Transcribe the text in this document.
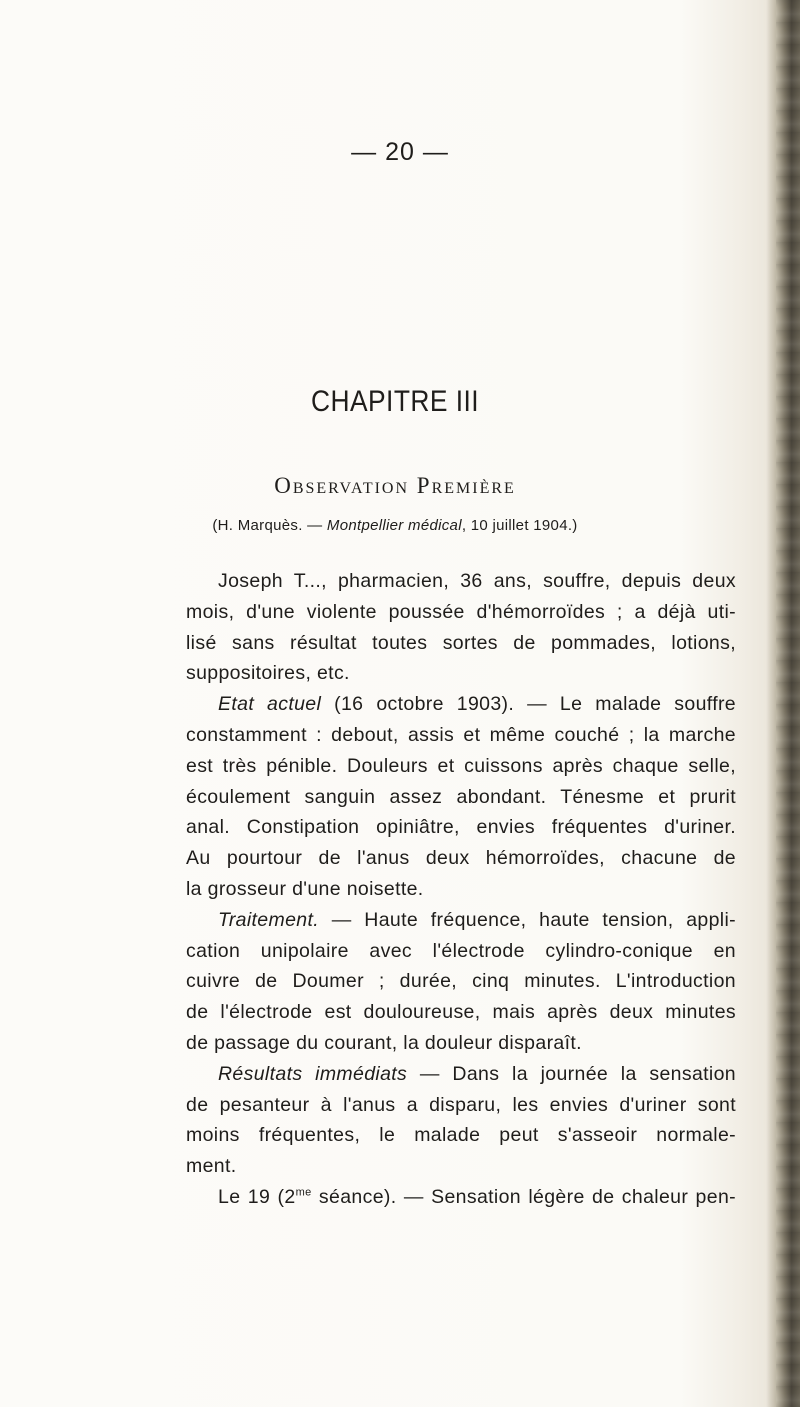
— 20 —
CHAPITRE III
Observation Première
(H. Marquès. — Montpellier médical, 10 juillet 1904.)
Joseph T..., pharmacien, 36 ans, souffre, depuis deux
mois, d'une violente poussée d'hémorroïdes ; a déjà uti-
lisé sans résultat toutes sortes de pommades, lotions,
suppositoires, etc.
Etat actuel (16 octobre 1903). — Le malade souffre
constamment : debout, assis et même couché ; la marche
est très pénible. Douleurs et cuissons après chaque selle,
écoulement sanguin assez abondant. Ténesme et prurit
anal. Constipation opiniâtre, envies fréquentes d'uriner.
Au pourtour de l'anus deux hémorroïdes, chacune de
la grosseur d'une noisette.
Traitement. — Haute fréquence, haute tension, appli-
cation unipolaire avec l'électrode cylindro-conique en
cuivre de Doumer ; durée, cinq minutes. L'introduction
de l'électrode est douloureuse, mais après deux minutes
de passage du courant, la douleur disparaît.
Résultats immédiats — Dans la journée la sensation
de pesanteur à l'anus a disparu, les envies d'uriner sont
moins fréquentes, le malade peut s'asseoir normale-
ment.
Le 19 ($2^{me}$ séance). — Sensation légère de chaleur pen-
